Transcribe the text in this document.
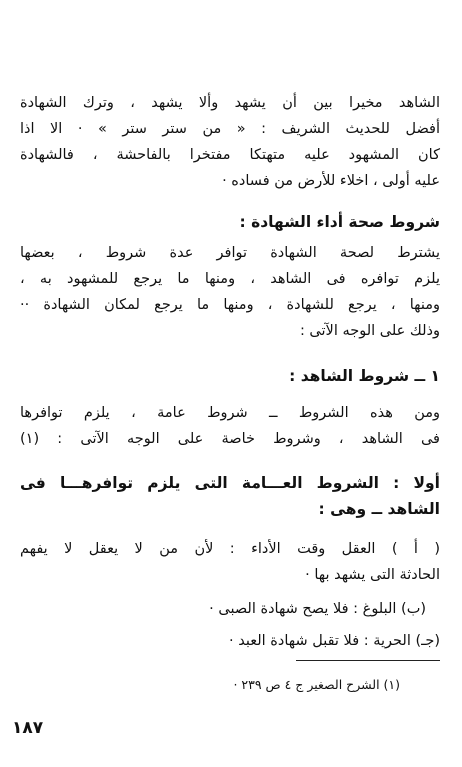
الشاهد مخيرا بين أن يشهد وألا يشهد ، وترك الشهادة
أفضل للحديث الشريف : « من ستر ستر » · الا اذا
كان المشهود عليه متهتكا مفتخرا بالفاحشة ، فالشهادة
عليه أولى ، اخلاء للأرض من فساده ·
شروط صحة أداء الشهادة :
يشترط لصحة الشهادة توافر عدة شروط ، بعضها
يلزم توافره فى الشاهد ، ومنها ما يرجع للمشهود به ،
ومنها ، يرجع للشهادة ، ومنها ما يرجع لمكان الشهادة ··
وذلك على الوجه الآتى :
١ ــ شروط الشاهد :
ومن هذه الشروط ــ شروط عامة ، يلزم توافرها
فى الشاهد ، وشروط خاصة على الوجه الآتى : (١)
أولا : الشروط العـــامة التى يلزم توافرهـــا فى
الشاهد ــ وهى :
( أ ) العقل وقت الأداء : لأن من لا يعقل لا يفهم
الحادثة التى يشهد بها ·
(ب) البلوغ : فلا يصح شهادة الصبى ·
(جـ) الحرية : فلا تقبل شهادة العبد ·
(١) الشرح الصغير ج ٤ ص ٢٣٩ ·
١٨٧
